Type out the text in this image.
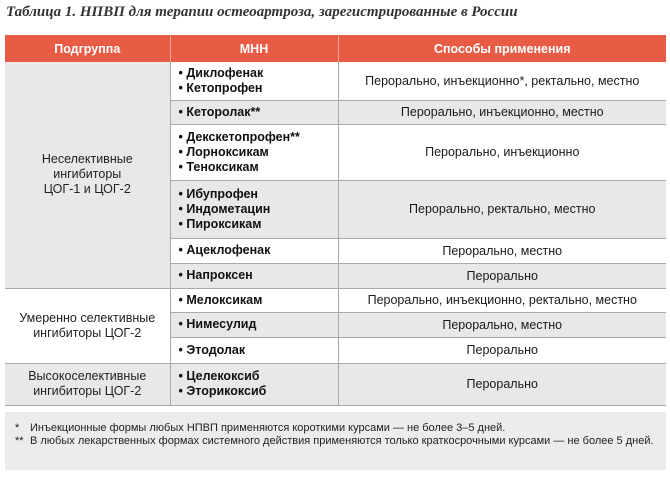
Таблица 1. НПВП для терапии остеоартроза, зарегистрированные в России
Подгруппа	МНН	Способы применения

Неселективные
ингибиторы
ЦОГ-1 и ЦОГ-2	• Диклофенак
• Кетопрофен	Перорально, инъекционно*, ректально, местно

	• Кеторолак**	Перорально, инъекционно, местно

	• Декскетопрофен**
• Лорноксикам
• Теноксикам	Перорально, инъекционно

	• Ибупрофен
• Индометацин
• Пироксикам	Перорально, ректально, местно

	• Ацеклофенак	Перорально, местно

	• Напроксен	Перорально

Умеренно селективные
ингибиторы ЦОГ-2	• Мелоксикам	Перорально, инъекционно, ректально, местно

	• Нимесулид	Перорально, местно

	• Этодолак	Перорально

Высокоселективные
ингибиторы ЦОГ-2	• Целекоксиб
• Эторикоксиб	Перорально
* Инъекционные формы любых НПВП применяются короткими курсами — не более 3–5 дней.
** В любых лекарственных формах системного действия применяются только краткосрочными курсами — не более 5 дней.
